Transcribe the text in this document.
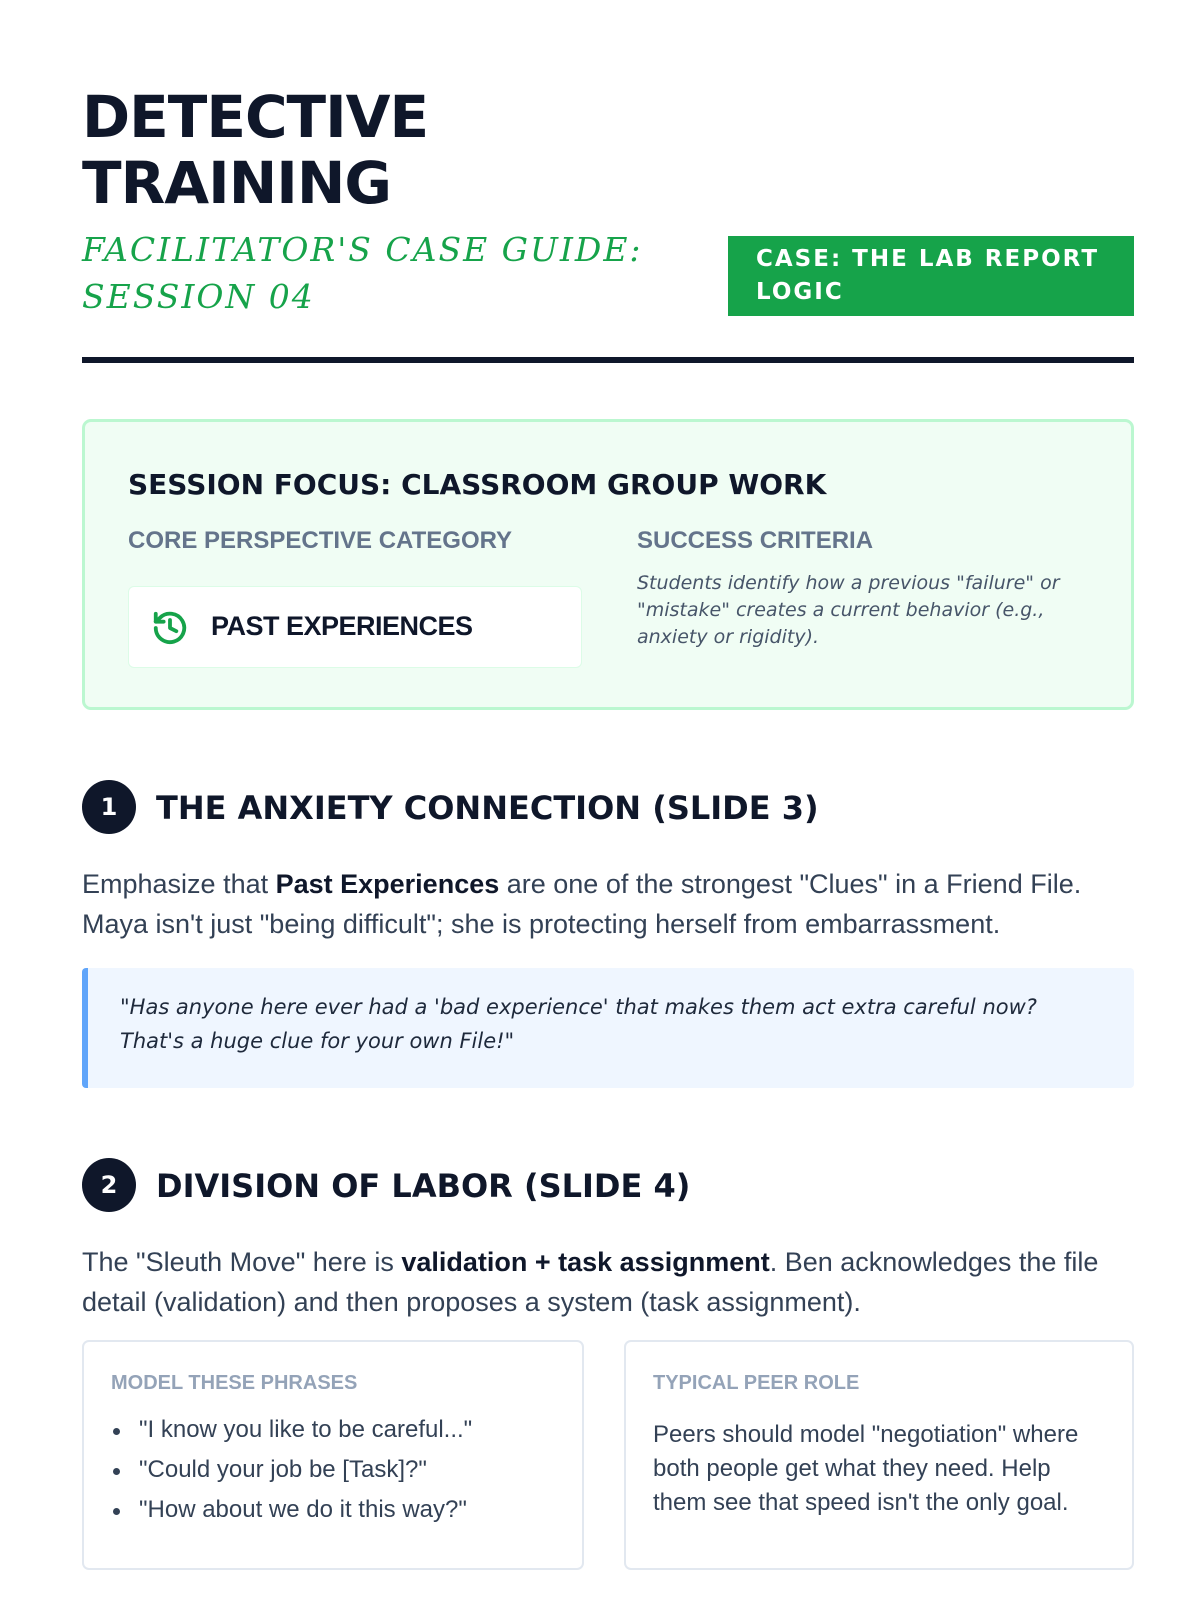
DETECTIVE
TRAINING
FACILITATOR'S CASE GUIDE:
SESSION 04
CASE: THE LAB REPORT
LOGIC
SESSION FOCUS: CLASSROOM GROUP WORK
CORE PERSPECTIVE CATEGORY	SUCCESS CRITERIA
PAST EXPERIENCES
Students identify how a previous "failure" or "mistake" creates a current behavior (e.g., anxiety or rigidity).
1	THE ANXIETY CONNECTION (SLIDE 3)

Emphasize that Past Experiences are one of the strongest "Clues" in a Friend File. Maya isn't just "being difficult"; she is protecting herself from embarrassment.

"Has anyone here ever had a 'bad experience' that makes them act extra careful now? That's a huge clue for your own File!"
2	DIVISION OF LABOR (SLIDE 4)

The "Sleuth Move" here is validation + task assignment. Ben acknowledges the file detail (validation) and then proposes a system (task assignment).

MODEL THESE PHRASES
"I know you like to be careful..."
"Could your job be [Task]?"
"How about we do it this way?"
TYPICAL PEER ROLE
Peers should model "negotiation" where both people get what they need. Help them see that speed isn't the only goal.
